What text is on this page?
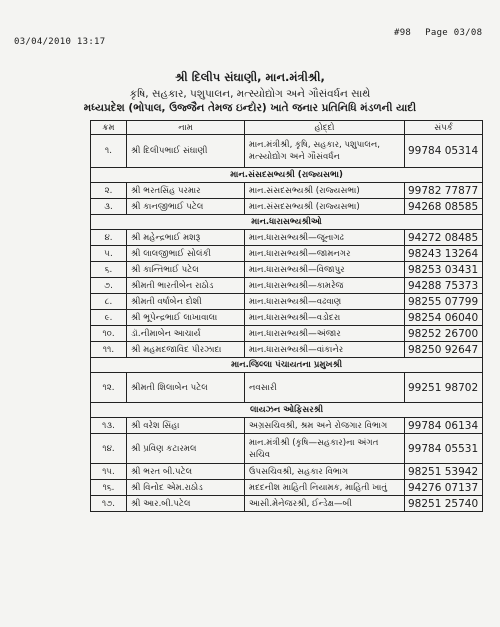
03/04/2010 13:17
#98 Page 03/08
શ્રી દિલીપ સંઘાણી, માન.મંત્રીશ્રી,
કૃષિ, સહકાર, પશુપાલન, મત્સ્યોદ્યોગ અને ગૌસંવર્ધન સાથે
મધ્યપ્રદેશ (ભોપાલ, ઉજ્જૈન તેમજ ઇન્દોર) ખાતે જનાર પ્રતિનિધિ મંડળની યાદી
ક્રમ	નામ	હોદ્દો	સંપર્ક
૧.	શ્રી દિલીપભાઈ સંઘાણી	માન.મંત્રીશ્રી, કૃષિ, સહકાર, પશુપાલન, મત્સ્યોદ્યોગ અને ગૌસંવર્ધન	99784 05314
માન.સંસદસભ્યશ્રી (રાજ્યસભા)			
૨.	શ્રી ભરતસિંહ પરમાર	માન.સંસદસભ્યશ્રી (રાજ્યસભા)	99782 77877
૩.	શ્રી કાનજીભાઈ પટેલ	માન.સંસદસભ્યશ્રી (રાજ્યસભા)	94268 08585
માન.ધારાસભ્યશ્રીઓ			
૪.	શ્રી મહેન્દ્રભાઈ મશરૂ	માન.ધારાસભ્યશ્રી—જૂનાગઢ	94272 08485
૫.	શ્રી લાલજીભાઈ સોલંકી	માન.ધારાસભ્યશ્રી—જામનગર	98243 13264
૬.	શ્રી કાન્તિભાઈ પટેલ	માન.ધારાસભ્યશ્રી—વિજાપુર	98253 03431
૭.	શ્રીમતી ભારતીબેન રાઠોડ	માન.ધારાસભ્યશ્રી—કામરેજ	94288 75373
૮.	શ્રીમતી વર્ષાબેન દોશી	માન.ધારાસભ્યશ્રી—વઢવાણ	98255 07799
૯.	શ્રી ભૂપેન્દ્રભાઈ લાખાવાલા	માન.ધારાસભ્યશ્રી—વડોદરા	98254 06040
૧૦.	ડૉ.નીમાબેન આચાર્ય	માન.ધારાસભ્યશ્રી—અંજાર	98252 26700
૧૧.	શ્રી મહમદજાવિદ પીરઝાદા	માન.ધારાસભ્યશ્રી—વાંકાનેર	98250 92647
માન.જિલ્લા પંચાયતના પ્રમુખશ્રી			
૧૨.	શ્રીમતી શિલાબેન પટેલ	નવસારી	99251 98702
લાયઝન ઓફિસરશ્રી			
૧૩.	શ્રી વરેશ સિંહા	અગ્રસચિવશ્રી, શ્રમ અને રોજગાર વિભાગ	99784 06134
૧૪.	શ્રી પ્રવિણ કટારમલ	માન.મંત્રીશ્રી (કૃષિ—સહકાર)ના અંગત સચિવ	99784 05531
૧૫.	શ્રી ભરત બી.પટેલ	ઉપસચિવશ્રી, સહકાર વિભાગ	98251 53942
૧૬.	શ્રી વિનોદ એમ.રાઠોડ	મદદનીશ માહિતી નિયામક, માહિતી ખાતું	94276 07137
૧૭.	શ્રી આર.બી.પટેલ	આસી.મેનેજરશ્રી, ઈન્ડેક્ષ—બી	98251 25740
